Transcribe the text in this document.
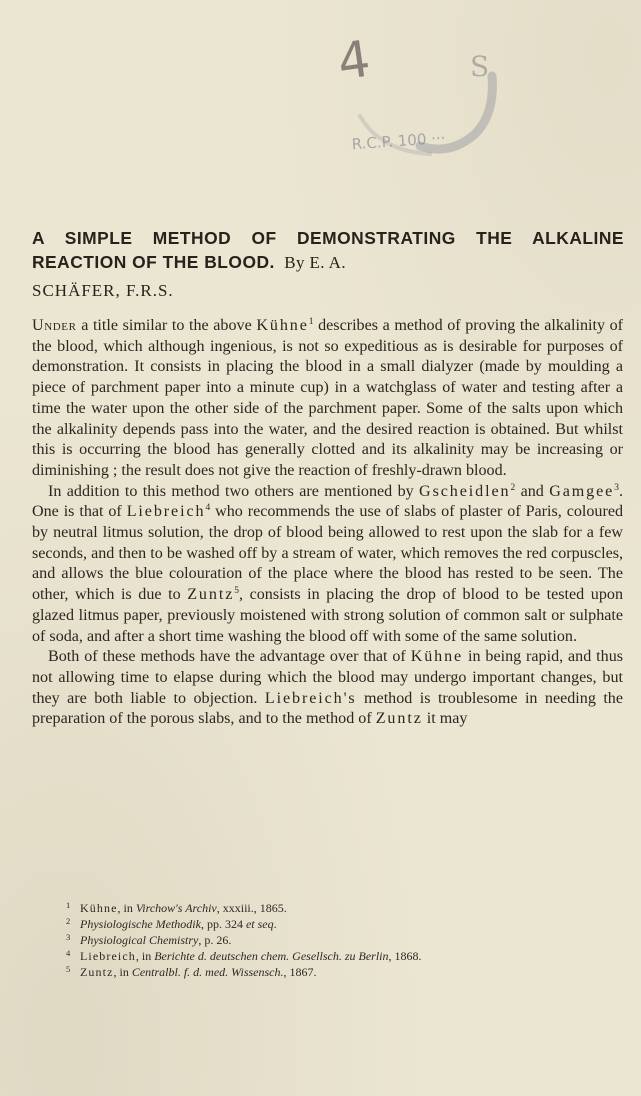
4	S
R.C.P. 100 ···
A SIMPLE METHOD OF DEMONSTRATING THE ALKALINE REACTION OF THE BLOOD. By E. A.
SCHÄFER, F.R.S.

Under a title similar to the above Kühne$^1$ describes a method of proving the alkalinity of the blood, which although ingenious, is not so expeditious as is desirable for purposes of demonstration. It consists in placing the blood in a small dialyzer (made by moulding a piece of parchment paper into a minute cup) in a watchglass of water and testing after a time the water upon the other side of the parchment paper. Some of the salts upon which the alkalinity depends pass into the water, and the desired reaction is obtained. But whilst this is occurring the blood has generally clotted and its alkalinity may be increasing or diminishing ; the result does not give the reaction of freshly-drawn blood.

In addition to this method two others are mentioned by Gscheidlen$^2$ and Gamgee$^3$. One is that of Liebreich$^4$ who recommends the use of slabs of plaster of Paris, coloured by neutral litmus solution, the drop of blood being allowed to rest upon the slab for a few seconds, and then to be washed off by a stream of water, which removes the red corpuscles, and allows the blue colouration of the place where the blood has rested to be seen. The other, which is due to Zuntz$^5$, consists in placing the drop of blood to be tested upon glazed litmus paper, previously moistened with strong solution of common salt or sulphate of soda, and after a short time washing the blood off with some of the same solution.

Both of these methods have the advantage over that of Kühne in being rapid, and thus not allowing time to elapse during which the blood may undergo important changes, but they are both liable to objection. Liebreich's method is troublesome in needing the preparation of the porous slabs, and to the method of Zuntz it may

1 Kühne, in Virchow's Archiv, xxxiii., 1865.
2 Physiologische Methodik, pp. 324 et seq.
3 Physiological Chemistry, p. 26.
4 Liebreich, in Berichte d. deutschen chem. Gesellsch. zu Berlin, 1868.
5 Zuntz, in Centralbl. f. d. med. Wissensch., 1867.
